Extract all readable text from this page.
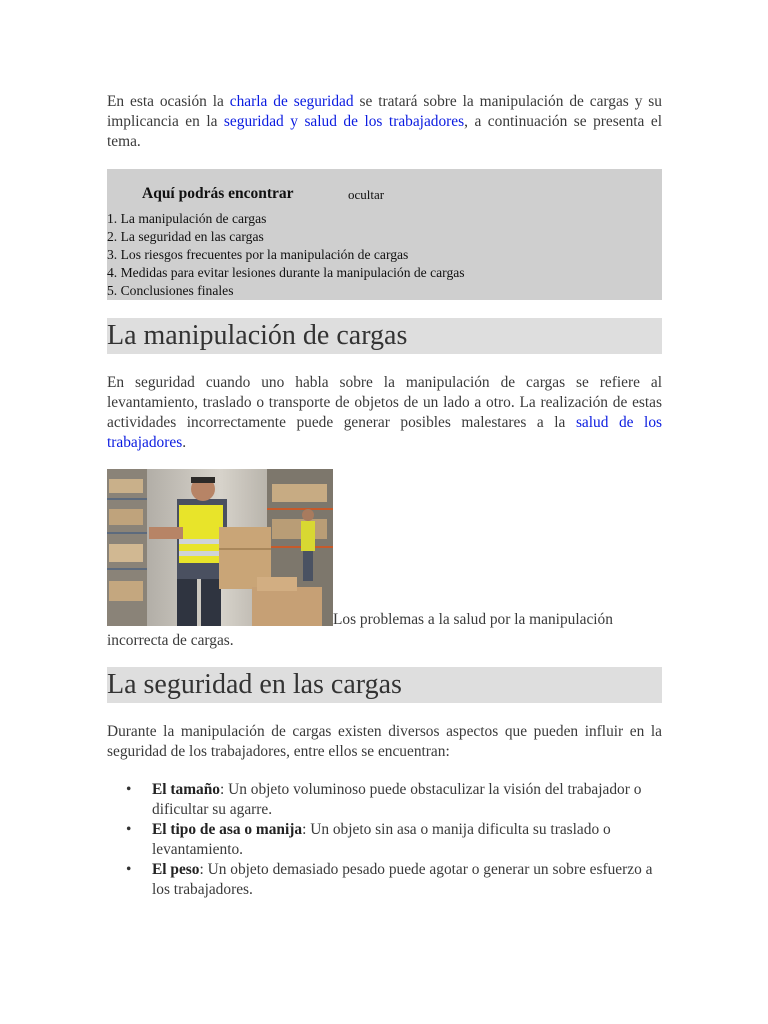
En esta ocasión la charla de seguridad se tratará sobre la manipulación de cargas y su implicancia en la seguridad y salud de los trabajadores, a continuación se presenta el tema.

Aquí podrás encontrar	ocultar
1. La manipulación de cargas
2. La seguridad en las cargas
3. Los riesgos frecuentes por la manipulación de cargas
4. Medidas para evitar lesiones durante la manipulación de cargas
5. Conclusiones finales
La manipulación de cargas

En seguridad cuando uno habla sobre la manipulación de cargas se refiere al levantamiento, traslado o transporte de objetos de un lado a otro. La realización de estas actividades incorrectamente puede generar posibles malestares a la salud de los trabajadores.

Los problemas a la salud por la manipulación incorrecta de cargas.

La seguridad en las cargas

Durante la manipulación de cargas existen diversos aspectos que pueden influir en la seguridad de los trabajadores, entre ellos se encuentran:

• El tamaño: Un objeto voluminoso puede obstaculizar la visión del trabajador o dificultar su agarre.
• El tipo de asa o manija: Un objeto sin asa o manija dificulta su traslado o levantamiento.
• El peso: Un objeto demasiado pesado puede agotar o generar un sobre esfuerzo a los trabajadores.
